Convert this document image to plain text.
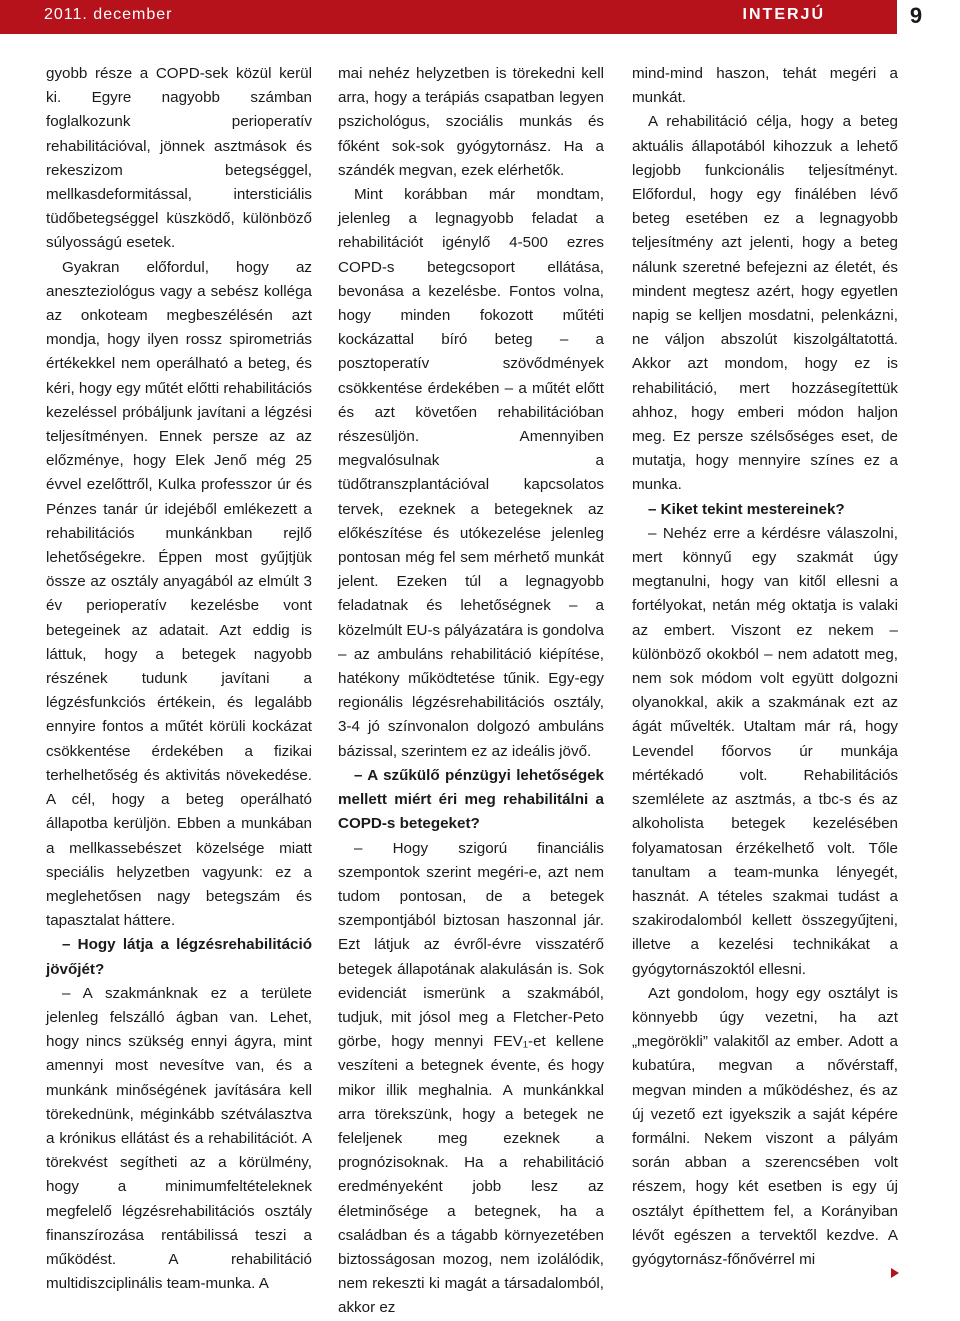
2011. december	INTERJÚ	9

gyobb része a COPD-sek közül kerül ki. Egyre nagyobb számban foglalkozunk perioperatív rehabilitációval, jönnek asztmások és rekeszizom betegséggel, mellkasdeformitással, intersticiális tüdőbetegséggel küszködő, különböző súlyosságú esetek.

Gyakran előfordul, hogy az aneszteziológus vagy a sebész kolléga az onkoteam megbeszélésén azt mondja, hogy ilyen rossz spirometriás értékekkel nem operálható a beteg, és kéri, hogy egy műtét előtti rehabilitációs kezeléssel próbáljunk javítani a légzési teljesítményen. Ennek persze az az előzménye, hogy Elek Jenő még 25 évvel ezelőttről, Kulka professzor úr és Pénzes tanár úr idejéből emlékezett a rehabilitációs munkánkban rejlő lehetőségekre. Éppen most gyűjtjük össze az osztály anyagából az elmúlt 3 év perioperatív kezelésbe vont betegeinek az adatait. Azt eddig is láttuk, hogy a betegek nagyobb részének tudunk javítani a légzésfunkciós értékein, és legalább ennyire fontos a műtét körüli kockázat csökkentése érdekében a fizikai terhelhetőség és aktivitás növekedése. A cél, hogy a beteg operálható állapotba kerüljön. Ebben a munkában a mellkassebészet közelsége miatt speciális helyzetben vagyunk: ez a meglehetősen nagy betegszám és tapasztalat háttere.

– Hogy látja a légzésrehabilitáció jövőjét?

– A szakmánknak ez a területe jelenleg felszálló ágban van. Lehet, hogy nincs szükség ennyi ágyra, mint amennyi most nevesítve van, és a munkánk minőségének javítására kell törekednünk, méginkább szétválasztva a krónikus ellátást és a rehabilitációt. A törekvést segítheti az a körülmény, hogy a minimumfeltételeknek megfelelő légzésrehabilitációs osztály finanszírozása rentábilissá teszi a működést. A rehabilitáció multidiszciplinális team-munka. A

mai nehéz helyzetben is törekedni kell arra, hogy a terápiás csapatban legyen pszichológus, szociális munkás és főként sok-sok gyógytornász. Ha a szándék megvan, ezek elérhetők.

Mint korábban már mondtam, jelenleg a legnagyobb feladat a rehabilitációt igénylő 4-500 ezres COPD-s betegcsoport ellátása, bevonása a kezelésbe. Fontos volna, hogy minden fokozott műtéti kockázattal bíró beteg – a posztoperatív szövődmények csökkentése érdekében – a műtét előtt és azt követően rehabilitációban részesüljön. Amennyiben megvalósulnak a tüdőtranszplantációval kapcsolatos tervek, ezeknek a betegeknek az előkészítése és utókezelése jelenleg pontosan még fel sem mérhető munkát jelent. Ezeken túl a legnagyobb feladatnak és lehetőségnek – a közelmúlt EU-s pályázatára is gondolva – az ambuláns rehabilitáció kiépítése, hatékony működtetése tűnik. Egy-egy regionális légzésrehabilitációs osztály, 3-4 jó színvonalon dolgozó ambuláns bázissal, szerintem ez az ideális jövő.

– A szűkülő pénzügyi lehetőségek mellett miért éri meg rehabilitálni a COPD-s betegeket?

– Hogy szigorú financiális szempontok szerint megéri-e, azt nem tudom pontosan, de a betegek szempontjából biztosan haszonnal jár. Ezt látjuk az évről-évre visszatérő betegek állapotának alakulásán is. Sok evidenciát ismerünk a szakmából, tudjuk, mit jósol meg a Fletcher-Peto görbe, hogy mennyi FEV₁-et kellene veszíteni a betegnek évente, és hogy mikor illik meghalnia. A munkánkkal arra törekszünk, hogy a betegek ne feleljenek meg ezeknek a prognózisoknak. Ha a rehabilitáció eredményeként jobb lesz az életminősége a betegnek, ha a családban és a tágabb környezetében biztosságosan mozog, nem izolálódik, nem rekeszti ki magát a társadalomból, akkor ez

mind-mind haszon, tehát megéri a munkát.

A rehabilitáció célja, hogy a beteg aktuális állapotából kihozzuk a lehető legjobb funkcionális teljesítményt. Előfordul, hogy egy finálében lévő beteg esetében ez a legnagyobb teljesítmény azt jelenti, hogy a beteg nálunk szeretné befejezni az életét, és mindent megtesz azért, hogy egyetlen napig se kelljen mosdatni, pelenkázni, ne váljon abszolút kiszolgáltatottá. Akkor azt mondom, hogy ez is rehabilitáció, mert hozzásegítettük ahhoz, hogy emberi módon haljon meg. Ez persze szélsőséges eset, de mutatja, hogy mennyire színes ez a munka.

– Kiket tekint mestereinek?

– Nehéz erre a kérdésre válaszolni, mert könnyű egy szakmát úgy megtanulni, hogy van kitől ellesni a fortélyokat, netán még oktatja is valaki az embert. Viszont ez nekem – különböző okokból – nem adatott meg, nem sok módom volt együtt dolgozni olyanokkal, akik a szakmának ezt az ágát művelték. Utaltam már rá, hogy Levendel főorvos úr munkája mértékadó volt. Rehabilitációs szemlélete az asztmás, a tbc-s és az alkoholista betegek kezelésében folyamatosan érzékelhető volt. Tőle tanultam a team-munka lényegét, hasznát. A tételes szakmai tudást a szakirodalomból kellett összegyűjteni, illetve a kezelési technikákat a gyógytornászoktól ellesni.

Azt gondolom, hogy egy osztályt is könnyebb úgy vezetni, ha azt „megörökli” valakitől az ember. Adott a kubatúra, megvan a nővérstaff, megvan minden a működéshez, és az új vezető ezt igyekszik a saját képére formálni. Nekem viszont a pályám során abban a szerencsében volt részem, hogy két esetben is egy új osztályt építhettem fel, a Korányiban lévőt egészen a tervektől kezdve. A gyógytornász-főnővérrel mi
